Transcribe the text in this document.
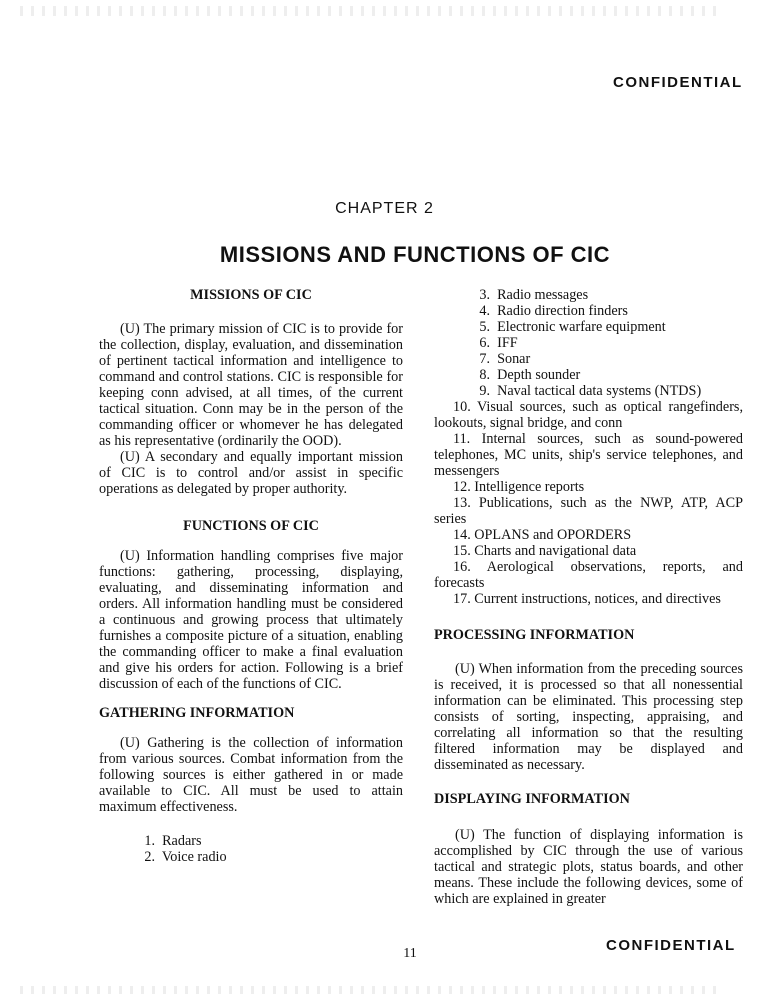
CONFIDENTIAL
CHAPTER 2
MISSIONS AND FUNCTIONS OF CIC
MISSIONS OF CIC

(U) The primary mission of CIC is to provide for the collection, display, evaluation, and dissemination of pertinent tactical information and intelligence to command and control stations. CIC is responsible for keeping conn advised, at all times, of the current tactical situation. Conn may be in the person of the commanding officer or whomever he has delegated as his representative (ordinarily the OOD).

(U) A secondary and equally important mission of CIC is to control and/or assist in specific operations as delegated by proper authority.

FUNCTIONS OF CIC

(U) Information handling comprises five major functions: gathering, processing, displaying, evaluating, and disseminating information and orders. All information handling must be considered a continuous and growing process that ultimately furnishes a composite picture of a situation, enabling the commanding officer to make a final evaluation and give his orders for action. Following is a brief discussion of each of the functions of CIC.

GATHERING INFORMATION

(U) Gathering is the collection of information from various sources. Combat information from the following sources is either gathered in or made available to CIC. All must be used to attain maximum effectiveness.

1. Radars
2. Voice radio
3. Radio messages
4. Radio direction finders
5. Electronic warfare equipment
6. IFF
7. Sonar
8. Depth sounder
9. Naval tactical data systems (NTDS)

10. Visual sources, such as optical rangefinders, lookouts, signal bridge, and conn

11. Internal sources, such as sound-powered telephones, MC units, ship's service telephones, and messengers

12. Intelligence reports

13. Publications, such as the NWP, ATP, ACP series

14. OPLANS and OPORDERS

15. Charts and navigational data

16. Aerological observations, reports, and forecasts

17. Current instructions, notices, and directives

PROCESSING INFORMATION

(U) When information from the preceding sources is received, it is processed so that all nonessential information can be eliminated. This processing step consists of sorting, inspecting, appraising, and correlating all information so that the resulting filtered information may be displayed and disseminated as necessary.

DISPLAYING INFORMATION

(U) The function of displaying information is accomplished by CIC through the use of various tactical and strategic plots, status boards, and other means. These include the following devices, some of which are explained in greater

11	CONFIDENTIAL
